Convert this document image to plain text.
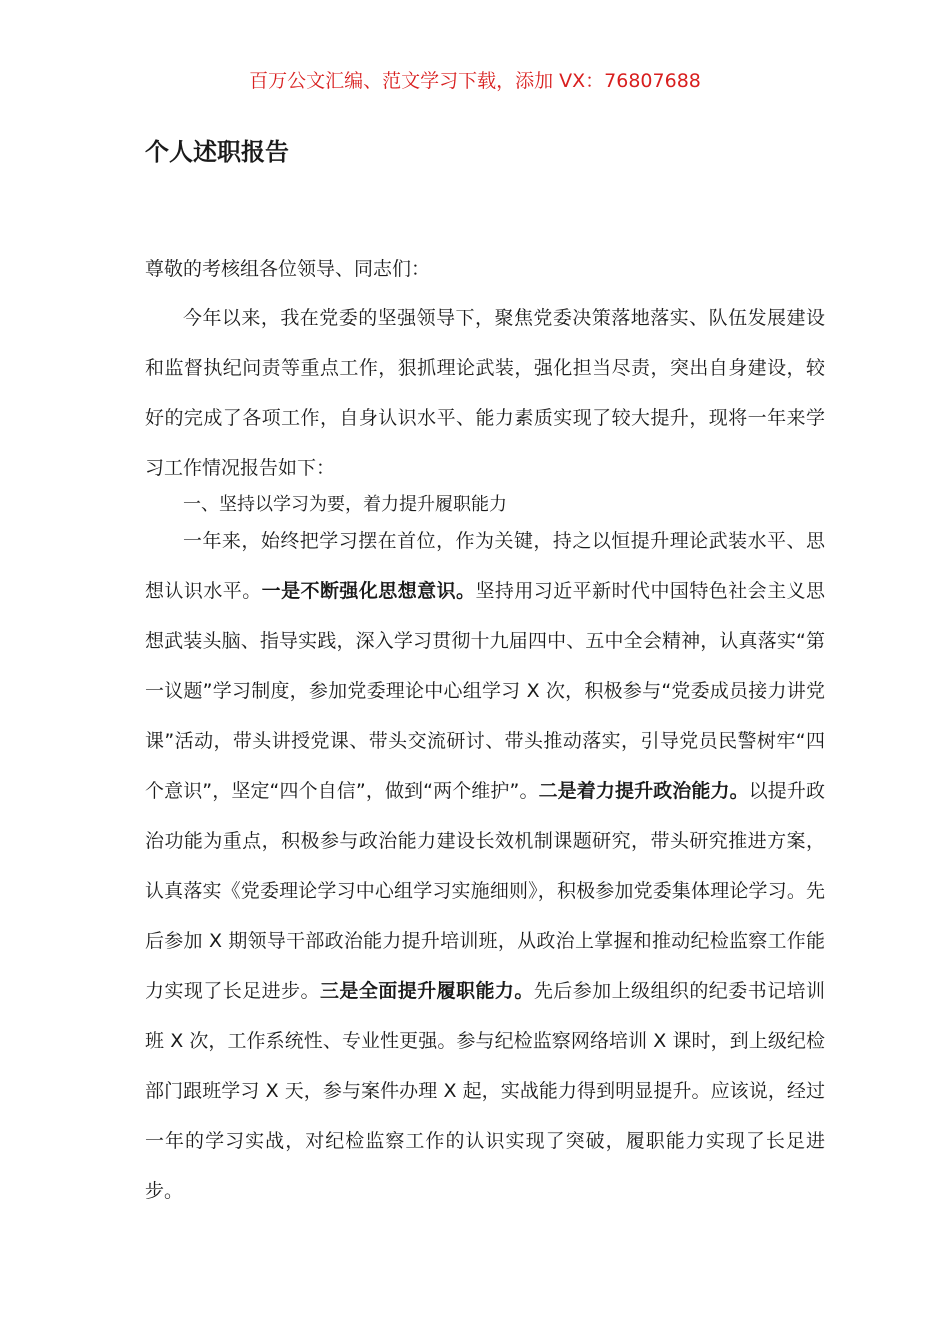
百万公文汇编、范文学习下载，添加 VX：76807688
个人述职报告
尊敬的考核组各位领导、同志们：

今年以来，我在党委的坚强领导下，聚焦党委决策落地落实、队伍发展建设和监督执纪问责等重点工作，狠抓理论武装，强化担当尽责，突出自身建设，较好的完成了各项工作，自身认识水平、能力素质实现了较大提升，现将一年来学习工作情况报告如下：

一、坚持以学习为要，着力提升履职能力

一年来，始终把学习摆在首位，作为关键，持之以恒提升理论武装水平、思想认识水平。一是不断强化思想意识。坚持用习近平新时代中国特色社会主义思想武装头脑、指导实践，深入学习贯彻十九届四中、五中全会精神，认真落实“第一议题”学习制度，参加党委理论中心组学习 X 次，积极参与“党委成员接力讲党课”活动，带头讲授党课、带头交流研讨、带头推动落实，引导党员民警树牢“四个意识”，坚定“四个自信”，做到“两个维护”。二是着力提升政治能力。以提升政治功能为重点，积极参与政治能力建设长效机制课题研究，带头研究推进方案，认真落实《党委理论学习中心组学习实施细则》，积极参加党委集体理论学习。先后参加 X 期领导干部政治能力提升培训班，从政治上掌握和推动纪检监察工作能力实现了长足进步。三是全面提升履职能力。先后参加上级组织的纪委书记培训班 X 次，工作系统性、专业性更强。参与纪检监察网络培训 X 课时，到上级纪检部门跟班学习 X 天，参与案件办理 X 起，实战能力得到明显提升。应该说，经过一年的学习实战，对纪检监察工作的认识实现了突破，履职能力实现了长足进步。
